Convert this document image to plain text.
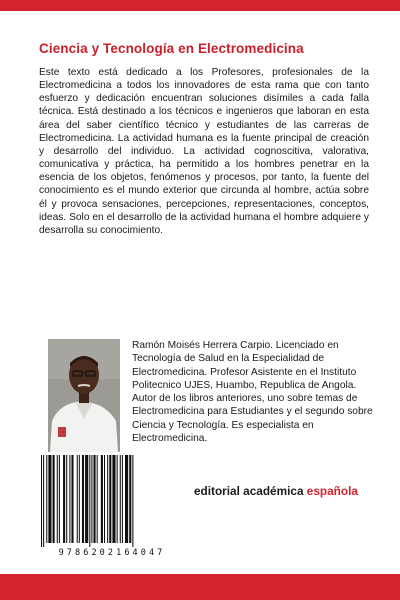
Ciencia y Tecnología en Electromedicina

Este texto está dedicado a los Profesores, profesionales de la Electromedicina a todos los innovadores de esta rama que con tanto esfuerzo y dedicación encuentran soluciones disímiles a cada falla técnica. Está destinado a los técnicos e ingenieros que laboran en esta área del saber científico técnico y estudiantes de las carreras de Electromedicina. La actividad humana es la fuente principal de creación y desarrollo del individuo. La actividad cognoscitiva, valorativa, comunicativa y práctica, ha permitido a los hombres penetrar en la esencia de los objetos, fenómenos y procesos, por tanto, la fuente del conocimiento es el mundo exterior que circunda al hombre, actúa sobre él y provoca sensaciones, percepciones, representaciones, conceptos, ideas. Solo en el desarrollo de la actividad humana el hombre adquiere y desarrolla su conocimiento.

Ramón Moisés Herrera Carpio. Licenciado en Tecnología de Salud en la Especialidad de Electromedicina. Profesor Asistente en el Instituto Politecnico UJES, Huambo, Republica de Angola. Autor de los libros anteriores, uno sobre temas de Electromedicina para Estudiantes y el segundo sobre Ciencia y Tecnología. Es especialista en Electromedicina.

9786202164047

editorial académica española
